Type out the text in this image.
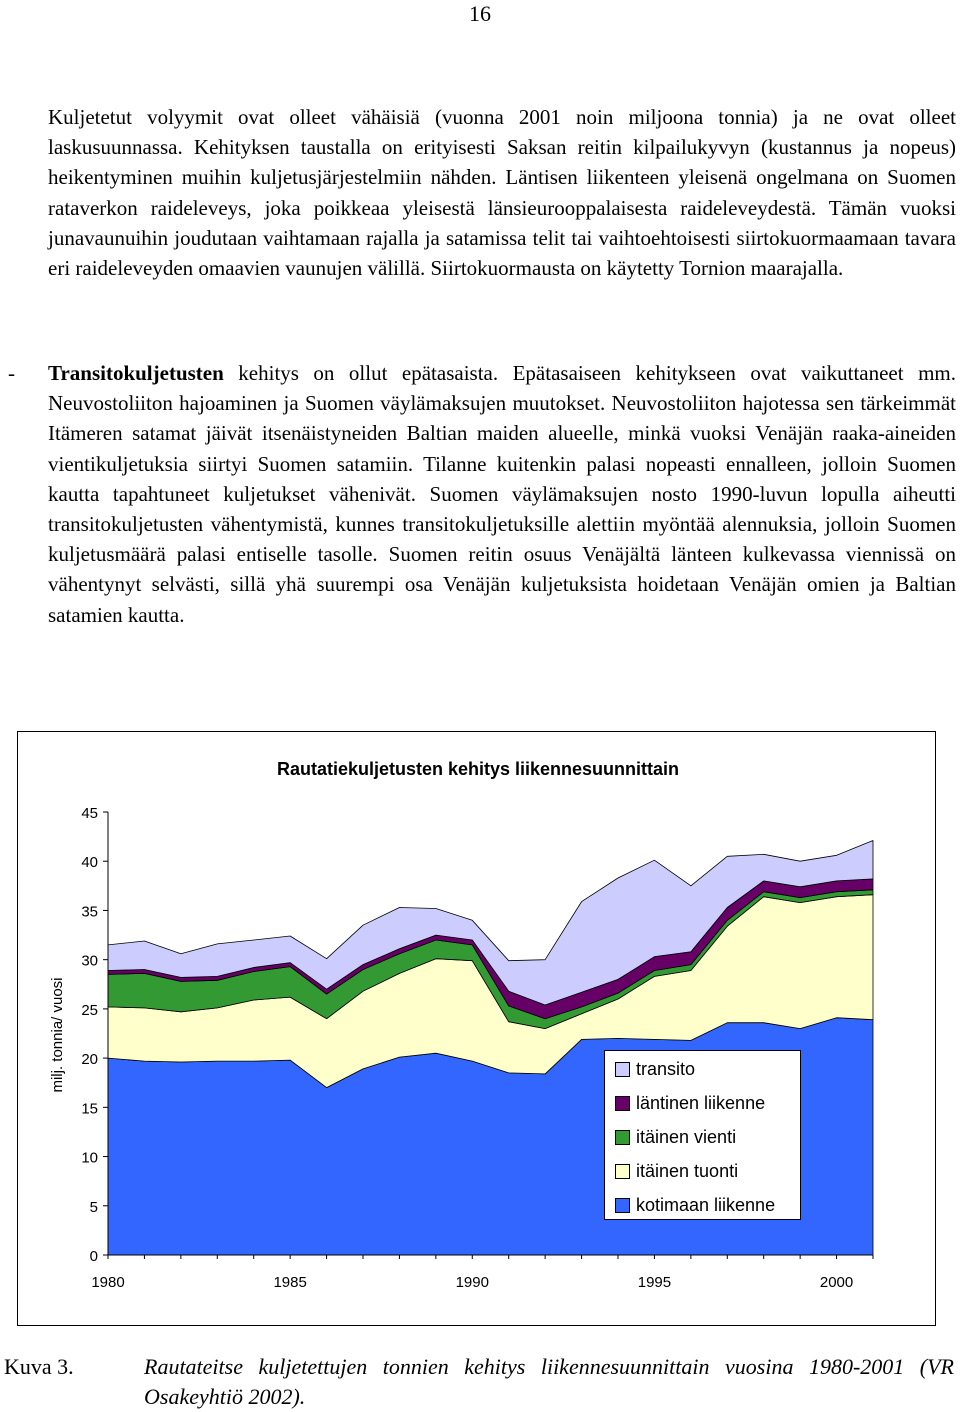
16

Kuljetetut volyymit ovat olleet vähäisiä (vuonna 2001 noin miljoona tonnia) ja ne ovat olleet laskusuunnassa. Kehityksen taustalla on erityisesti Saksan reitin kilpailukyvyn (kustannus ja nopeus) heikentyminen muihin kuljetusjärjestelmiin nähden. Läntisen liikenteen yleisenä ongelmana on Suomen rataverkon raideleveys, joka poikkeaa yleisestä länsieurooppalaisesta raideleveydestä. Tämän vuoksi junavaunuihin joudutaan vaihtamaan rajalla ja satamissa telit tai vaihtoehtoisesti siirtokuormaamaan tavara eri raideleveyden omaavien vaunujen välillä. Siirtokuormausta on käytetty Tornion maarajalla.

- Transitokuljetusten kehitys on ollut epätasaista. Epätasaiseen kehitykseen ovat vaikuttaneet mm. Neuvostoliiton hajoaminen ja Suomen väylämaksujen muutokset. Neuvostoliiton hajotessa sen tärkeimmät Itämeren satamat jäivät itsenäistyneiden Baltian maiden alueelle, minkä vuoksi Venäjän raaka-aineiden vientikuljetuksia siirtyi Suomen satamiin. Tilanne kuitenkin palasi nopeasti ennalleen, jolloin Suomen kautta tapahtuneet kuljetukset vähenivät. Suomen väylämaksujen nosto 1990-luvun lopulla aiheutti transitokuljetusten vähentymistä, kunnes transitokuljetuksille alettiin myöntää alennuksia, jolloin Suomen kuljetusmäärä palasi entiselle tasolle. Suomen reitin osuus Venäjältä länteen kulkevassa viennissä on vähentynyt selvästi, sillä yhä suurempi osa Venäjän kuljetuksista hoidetaan Venäjän omien ja Baltian satamien kautta.
Rautatiekuljetusten kehitys liikennesuunnittain
milj. tonnia/ vuosi
0
5
10
15
20
25
30
35
40
45
1980	1985	1990	1995	2000
transito
läntinen liikenne
itäinen vienti
itäinen tuonti
kotimaan liikenne
Kuva 3.	Rautateitse kuljetettujen tonnien kehitys liikennesuunnittain vuosina 1980-2001 (VR Osakeyhtiö 2002).
